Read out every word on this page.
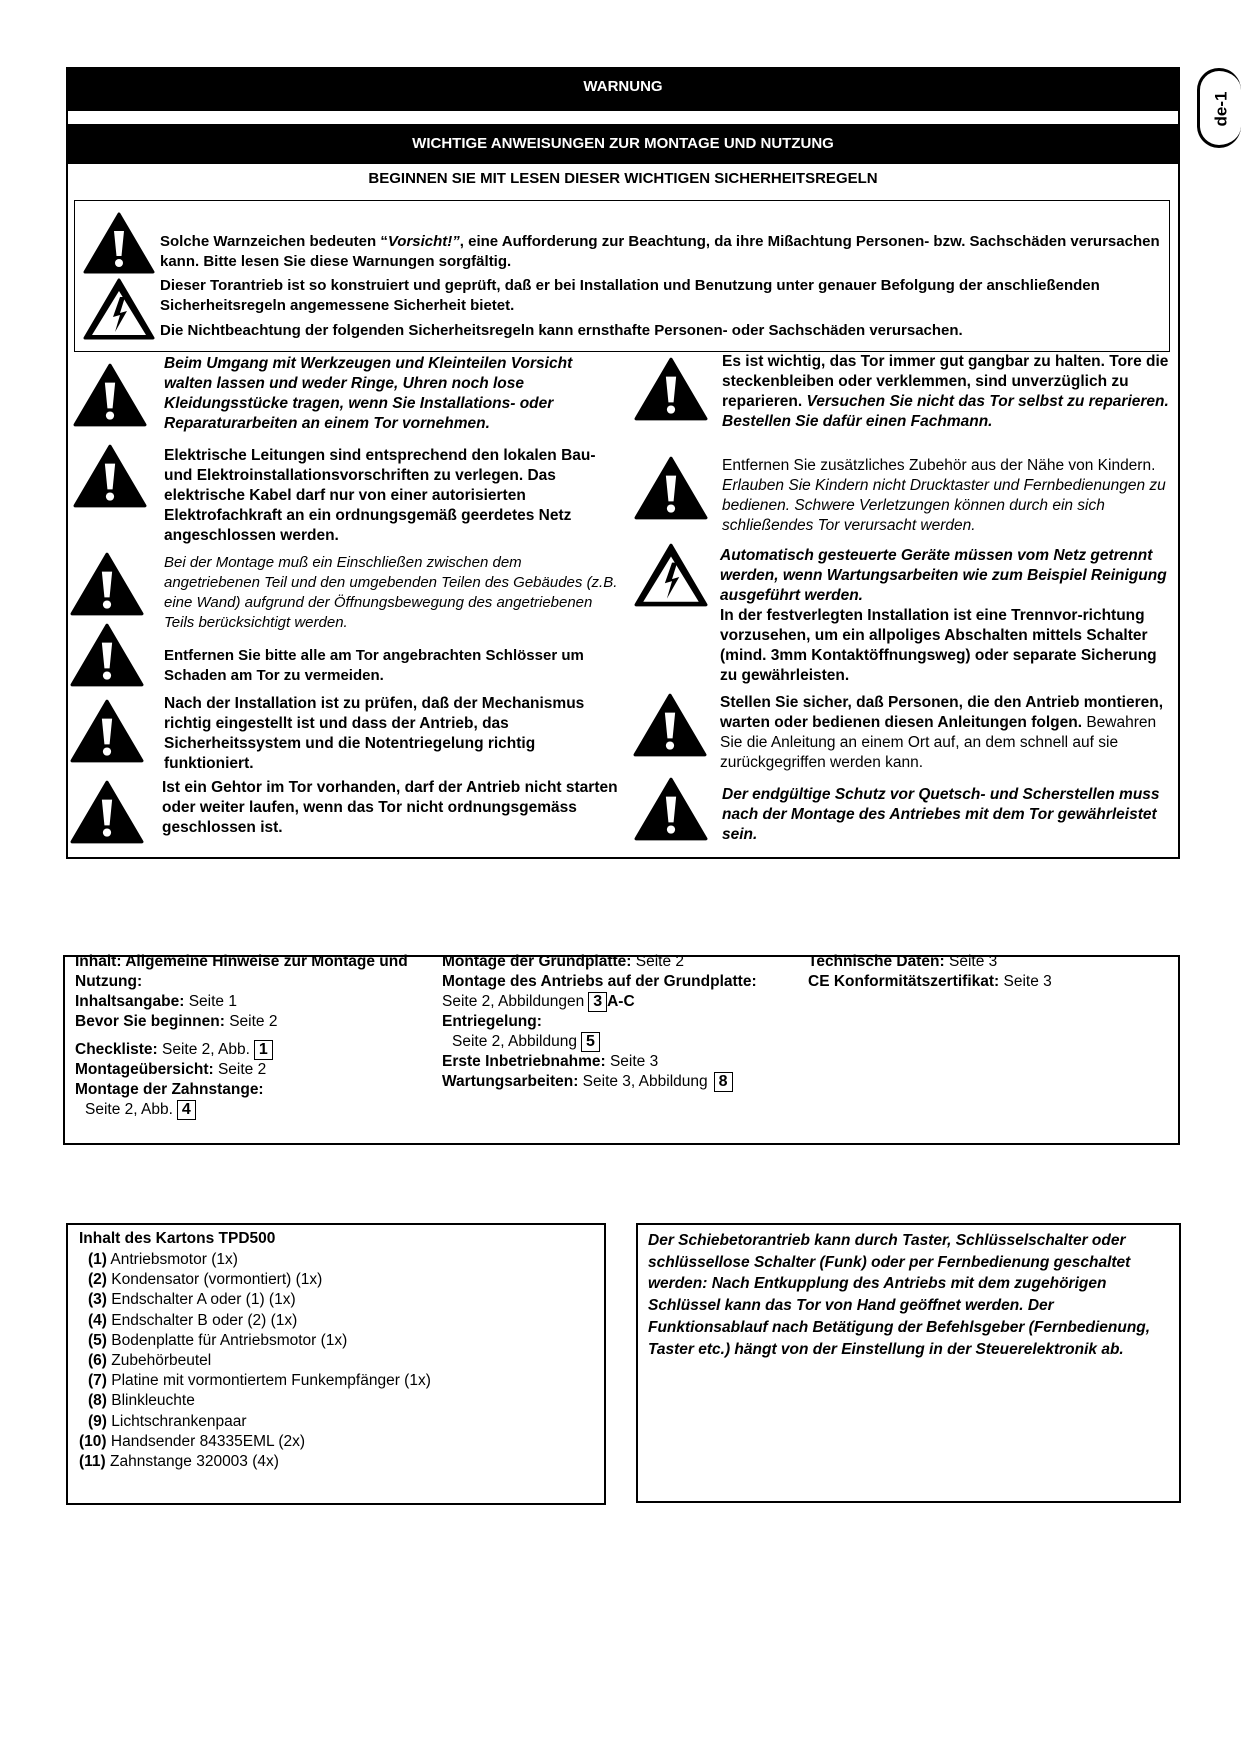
de-1
WARNUNG
WICHTIGE ANWEISUNGEN ZUR MONTAGE UND NUTZUNG
BEGINNEN SIE MIT LESEN DIESER WICHTIGEN SICHERHEITSREGELN
Solche Warnzeichen bedeuten “Vorsicht!”, eine Aufforderung zur Beachtung, da ihre Mißachtung Personen- bzw. Sachschäden verursachen kann. Bitte lesen Sie diese Warnungen sorgfältig.
Dieser Torantrieb ist so konstruiert und geprüft, daß er bei Installation und Benutzung unter genauer Befolgung der anschließenden Sicherheitsregeln angemessene Sicherheit bietet.
Die Nichtbeachtung der folgenden Sicherheitsregeln kann ernsthafte Personen- oder Sachschäden verursachen.
Beim Umgang mit Werkzeugen und Kleinteilen Vorsicht walten lassen und weder Ringe, Uhren noch lose Kleidungsstücke tragen, wenn Sie Installations- oder Reparaturarbeiten an einem Tor vornehmen.
Elektrische Leitungen sind entsprechend den lokalen Bau- und Elektroinstallationsvorschriften zu verlegen. Das elektrische Kabel darf nur von einer autorisierten Elektrofachkraft an ein ordnungsgemäß geerdetes Netz angeschlossen werden.
Bei der Montage muß ein Einschließen zwischen dem angetriebenen Teil und den umgebenden Teilen des Gebäudes (z.B. eine Wand) aufgrund der Öffnungsbewegung des angetriebenen Teils berücksichtigt werden.
Entfernen Sie bitte alle am Tor angebrachten Schlösser um Schaden am Tor zu vermeiden.
Nach der Installation ist zu prüfen, daß der Mechanismus richtig eingestellt ist und dass der Antrieb, das Sicherheitssystem und die Notentriegelung richtig funktioniert.
Ist ein Gehtor im Tor vorhanden, darf der Antrieb nicht starten oder weiter laufen, wenn das Tor nicht ordnungsgemäss geschlossen ist.
Es ist wichtig, das Tor immer gut gangbar zu halten. Tore die steckenbleiben oder verklemmen, sind unverzüglich zu reparieren. Versuchen Sie nicht das Tor selbst zu reparieren. Bestellen Sie dafür einen Fachmann.
Entfernen Sie zusätzliches Zubehör aus der Nähe von Kindern. Erlauben Sie Kindern nicht Drucktaster und Fernbedienungen zu bedienen. Schwere Verletzungen können durch ein sich schließendes Tor verursacht werden.
Automatisch gesteuerte Geräte müssen vom Netz getrennt werden, wenn Wartungsarbeiten wie zum Beispiel Reinigung ausgeführt werden.
In der festverlegten Installation ist eine Trennvor-richtung vorzusehen, um ein allpoliges Abschalten mittels Schalter (mind. 3mm Kontaktöffnungsweg) oder separate Sicherung zu gewährleisten.
Stellen Sie sicher, daß Personen, die den Antrieb montieren, warten oder bedienen diesen Anleitungen folgen. Bewahren Sie die Anleitung an einem Ort auf, an dem schnell auf sie zurückgegriffen werden kann.
Der endgültige Schutz vor Quetsch- und Scherstellen muss nach der Montage des Antriebes mit dem Tor gewährleistet sein.
Inhalt: Allgemeine Hinweise zur Montage und Nutzung:
Inhaltsangabe: Seite 1
Bevor Sie beginnen: Seite 2
Checkliste: Seite 2, Abb. 1
Montageübersicht: Seite 2
Montage der Zahnstange:
Seite 2, Abb. 4
Montage der Grundplatte: Seite 2
Montage des Antriebs auf der Grundplatte:
Seite 2, Abbildungen 3 A-C
Entriegelung:
Seite 2, Abbildung 5
Erste Inbetriebnahme: Seite 3
Wartungsarbeiten: Seite 3, Abbildung 8
Technische Daten: Seite 3
CE Konformitätszertifikat: Seite 3
Inhalt des Kartons TPD500
(1) Antriebsmotor (1x)
(2) Kondensator (vormontiert) (1x)
(3) Endschalter A oder (1) (1x)
(4) Endschalter B oder (2) (1x)
(5) Bodenplatte für Antriebsmotor (1x)
(6) Zubehörbeutel
(7) Platine mit vormontiertem Funkempfänger (1x)
(8) Blinkleuchte
(9) Lichtschrankenpaar
(10) Handsender 84335EML (2x)
(11) Zahnstange 320003 (4x)
Der Schiebetorantrieb kann durch Taster, Schlüsselschalter oder schlüssellose Schalter (Funk) oder per Fernbedienung geschaltet werden: Nach Entkupplung des Antriebs mit dem zugehörigen Schlüssel kann das Tor von Hand geöffnet werden. Der Funktionsablauf nach Betätigung der Befehlsgeber (Fernbedienung, Taster etc.) hängt von der Einstellung in der Steuerelektronik ab.
